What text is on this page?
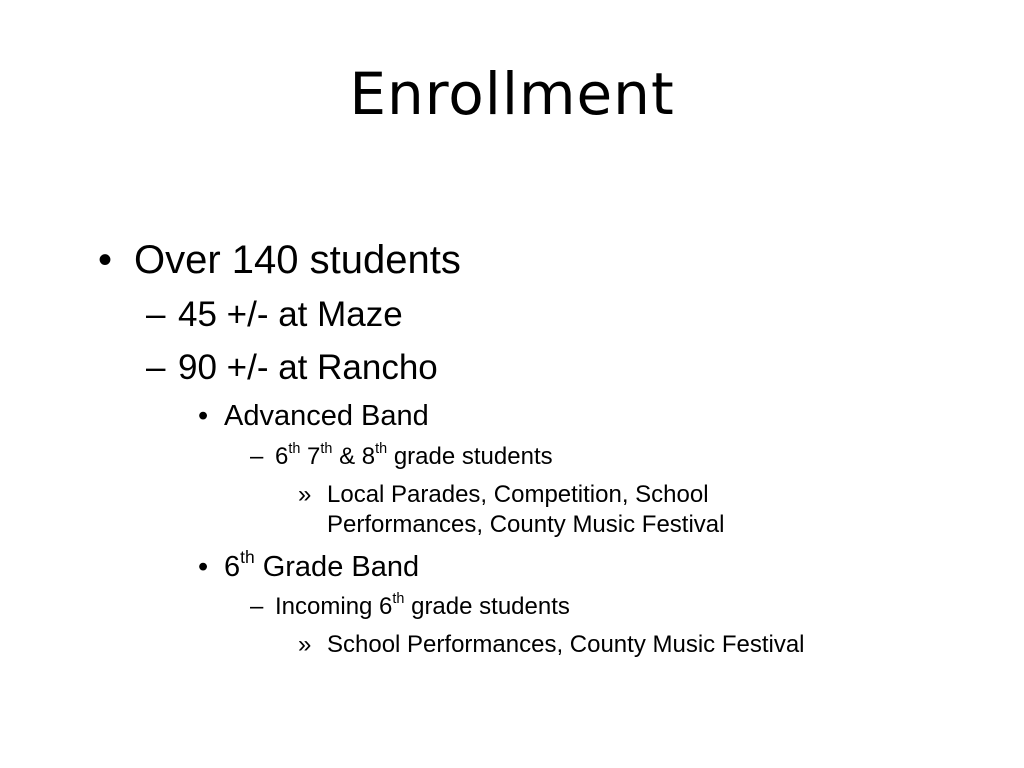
Enrollment
• Over 140 students
– 45 +/- at Maze
– 90 +/- at Rancho
• Advanced Band
– 6th 7th & 8th grade students
» Local Parades, Competition, School
Performances, County Music Festival
• 6th Grade Band
– Incoming 6th grade students
» School Performances, County Music Festival
